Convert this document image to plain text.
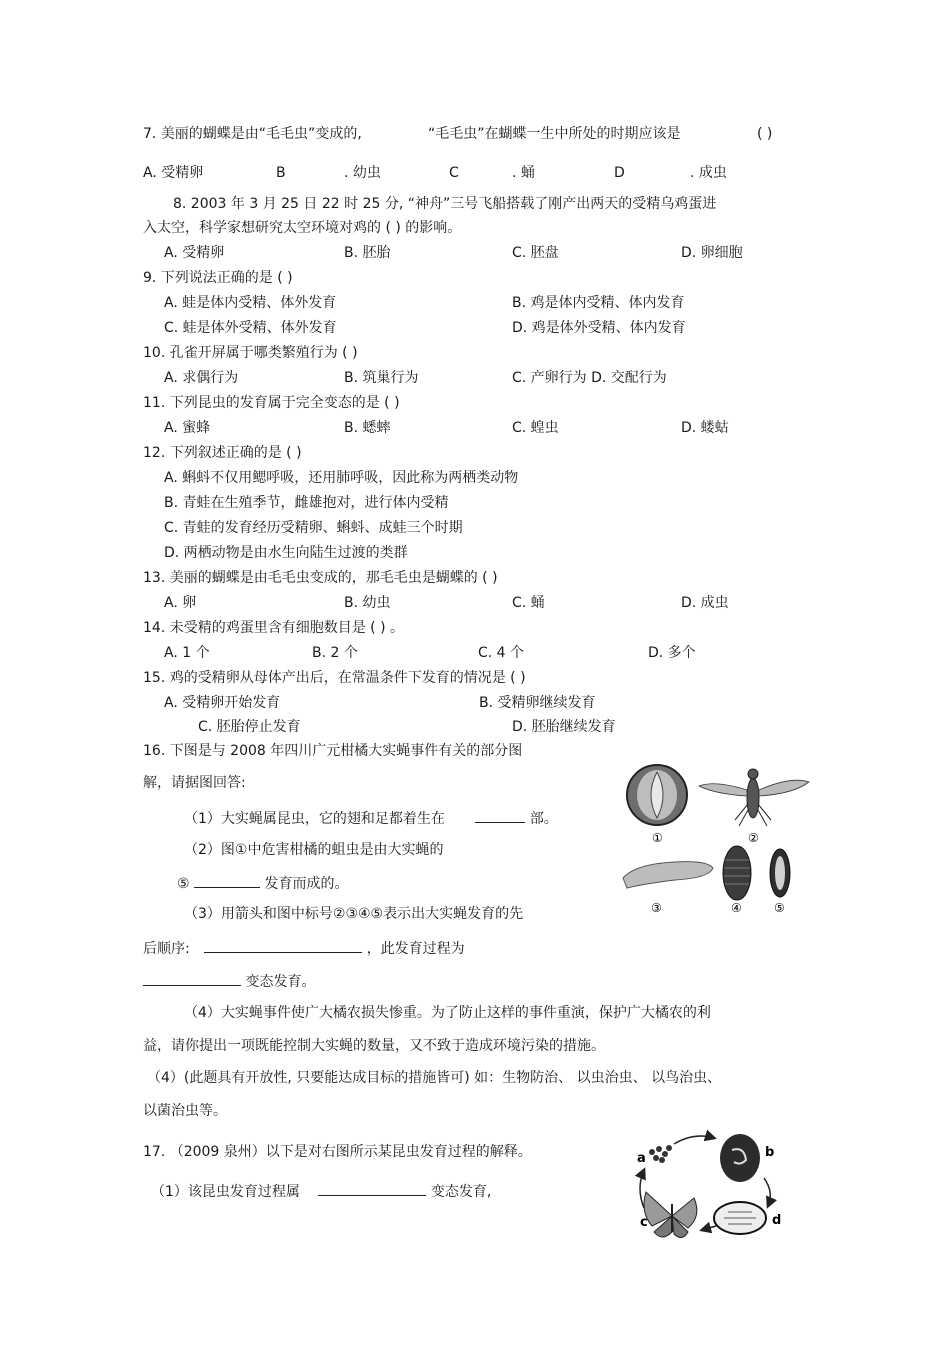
7. 美丽的蝴蝶是由“毛毛虫”变成的,	“毛毛虫”在蝴蝶一生中所处的时期应该是	( )
A. 受精卵	B	. 幼虫	C	. 蛹	D	. 成虫
8. 2003 年 3 月 25 日 22 时 25 分, “神舟”三号飞船搭载了刚产出两天的受精乌鸡蛋进
入太空，科学家想研究太空环境对鸡的 ( ) 的影响。
A. 受精卵	B. 胚胎	C. 胚盘	D. 卵细胞
9. 下列说法正确的是 ( )
A. 蛙是体内受精、体外发育	B. 鸡是体内受精、体内发育
C. 蛙是体外受精、体外发育	D. 鸡是体外受精、体内发育
10. 孔雀开屏属于哪类繁殖行为 ( )
A. 求偶行为	B. 筑巢行为	C. 产卵行为 D. 交配行为
11. 下列昆虫的发育属于完全变态的是 ( )
A. 蜜蜂	B. 蟋蟀	C. 蝗虫	D. 蝼蛄
12. 下列叙述正确的是 ( )
A. 蝌蚪不仅用鳃呼吸，还用肺呼吸，因此称为两栖类动物
B. 青蛙在生殖季节，雌雄抱对，进行体内受精
C. 青蛙的发育经历受精卵、蝌蚪、成蛙三个时期
D. 两栖动物是由水生向陆生过渡的类群
13. 美丽的蝴蝶是由毛毛虫变成的，那毛毛虫是蝴蝶的 ( )
A. 卵	B. 幼虫	C. 蛹	D. 成虫
14. 未受精的鸡蛋里含有细胞数目是 ( ) 。
A. 1 个	B. 2 个	C. 4 个	D. 多个
15. 鸡的受精卵从母体产出后，在常温条件下发育的情况是 ( )
A. 受精卵开始发育	B. 受精卵继续发育
C. 胚胎停止发育	D. 胚胎继续发育
16. 下图是与 2008 年四川广元柑橘大实蝇事件有关的部分图
解，请据图回答:
（1）大实蝇属昆虫，它的翅和足都着生在	部。
（2）图①中危害柑橘的蛆虫是由大实蝇的
⑤	发育而成的。
（3）用箭头和图中标号②③④⑤表示出大实蝇发育的先
后顺序:	，此发育过程为
变态发育。
（4）大实蝇事件使广大橘农损失惨重。为了防止这样的事件重演，保护广大橘农的利
益，请你提出一项既能控制大实蝇的数量，又不致于造成环境污染的措施。
（4）(此题具有开放性, 只要能达成目标的措施皆可) 如：生物防治、 以虫治虫、 以鸟治虫、
以菌治虫等。
①	②
③	④	⑤
17. （2009 泉州）以下是对右图所示某昆虫发育过程的解释。
（1）该昆虫发育过程属	变态发育,
a	b
c	d
